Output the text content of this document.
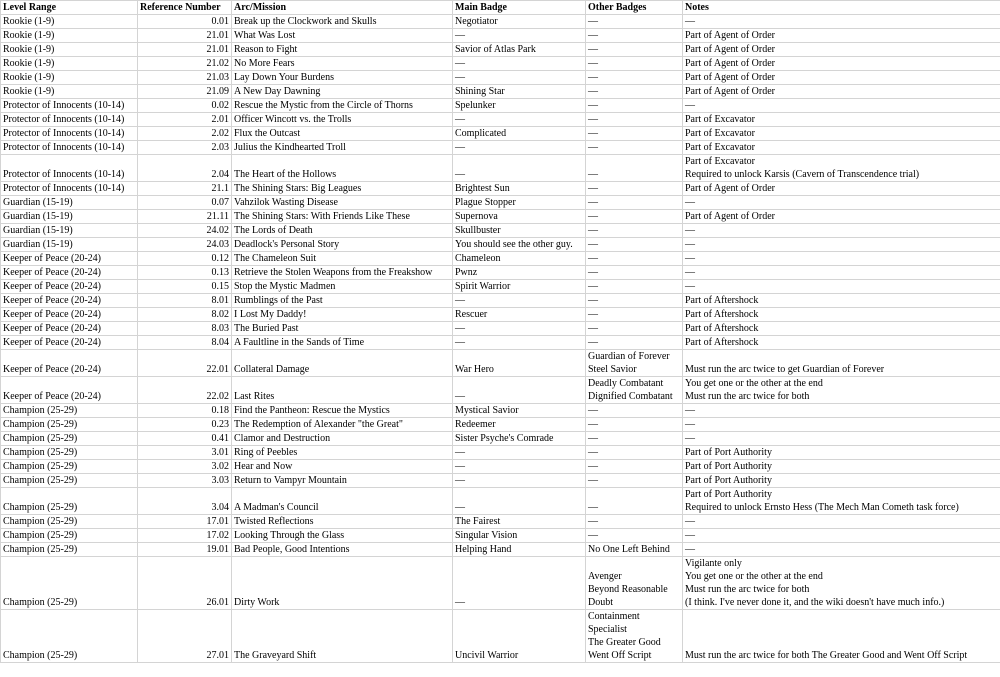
Level Range	Reference Number	Arc/Mission	Main Badge	Other Badges	Notes
Rookie (1-9)	0.01	Break up the Clockwork and Skulls	Negotiator	—	—

Rookie (1-9)	21.01	What Was Lost	—	—	Part of Agent of Order

Rookie (1-9)	21.01	Reason to Fight	Savior of Atlas Park	—	Part of Agent of Order

Rookie (1-9)	21.02	No More Fears	—	—	Part of Agent of Order

Rookie (1-9)	21.03	Lay Down Your Burdens	—	—	Part of Agent of Order

Rookie (1-9)	21.09	A New Day Dawning	Shining Star	—	Part of Agent of Order

Protector of Innocents (10-14)	0.02	Rescue the Mystic from the Circle of Thorns	Spelunker	—	—

Protector of Innocents (10-14)	2.01	Officer Wincott vs. the Trolls	—	—	Part of Excavator

Protector of Innocents (10-14)	2.02	Flux the Outcast	Complicated	—	Part of Excavator

Protector of Innocents (10-14)	2.03	Julius the Kindhearted Troll	—	—	Part of Excavator

Protector of Innocents (10-14)	2.04	The Heart of the Hollows	—	—	Part of Excavator
Required to unlock Karsis (Cavern of Transcendence trial)

Protector of Innocents (10-14)	21.1	The Shining Stars: Big Leagues	Brightest Sun	—	Part of Agent of Order

Guardian (15-19)	0.07	Vahzilok Wasting Disease	Plague Stopper	—	—

Guardian (15-19)	21.11	The Shining Stars: With Friends Like These	Supernova	—	Part of Agent of Order

Guardian (15-19)	24.02	The Lords of Death	Skullbuster	—	—

Guardian (15-19)	24.03	Deadlock's Personal Story	You should see the other guy.	—	—

Keeper of Peace (20-24)	0.12	The Chameleon Suit	Chameleon	—	—

Keeper of Peace (20-24)	0.13	Retrieve the Stolen Weapons from the Freakshow	Pwnz	—	—

Keeper of Peace (20-24)	0.15	Stop the Mystic Madmen	Spirit Warrior	—	—

Keeper of Peace (20-24)	8.01	Rumblings of the Past	—	—	Part of Aftershock

Keeper of Peace (20-24)	8.02	I Lost My Daddy!	Rescuer	—	Part of Aftershock

Keeper of Peace (20-24)	8.03	The Buried Past	—	—	Part of Aftershock

Keeper of Peace (20-24)	8.04	A Faultline in the Sands of Time	—	—	Part of Aftershock

Keeper of Peace (20-24)	22.01	Collateral Damage	War Hero	Guardian of Forever
Steel Savior	Must run the arc twice to get Guardian of Forever

Keeper of Peace (20-24)	22.02	Last Rites	—	Deadly Combatant
Dignified Combatant	You get one or the other at the end
Must run the arc twice for both

Champion (25-29)	0.18	Find the Pantheon: Rescue the Mystics	Mystical Savior	—	—

Champion (25-29)	0.23	The Redemption of Alexander "the Great"	Redeemer	—	—

Champion (25-29)	0.41	Clamor and Destruction	Sister Psyche's Comrade	—	—

Champion (25-29)	3.01	Ring of Peebles	—	—	Part of Port Authority

Champion (25-29)	3.02	Hear and Now	—	—	Part of Port Authority

Champion (25-29)	3.03	Return to Vampyr Mountain	—	—	Part of Port Authority

Champion (25-29)	3.04	A Madman's Council	—	—	Part of Port Authority
Required to unlock Ernsto Hess (The Mech Man Cometh task force)

Champion (25-29)	17.01	Twisted Reflections	The Fairest	—	—

Champion (25-29)	17.02	Looking Through the Glass	Singular Vision	—	—

Champion (25-29)	19.01	Bad People, Good Intentions	Helping Hand	No One Left Behind	—

Champion (25-29)	26.01	Dirty Work	—	Avenger
Beyond Reasonable
Doubt	Vigilante only
You get one or the other at the end
Must run the arc twice for both
(I think. I've never done it, and the wiki doesn't have much info.)

Champion (25-29)	27.01	The Graveyard Shift	Uncivil Warrior	Containment
Specialist
The Greater Good
Went Off Script	Must run the arc twice for both The Greater Good and Went Off Script
